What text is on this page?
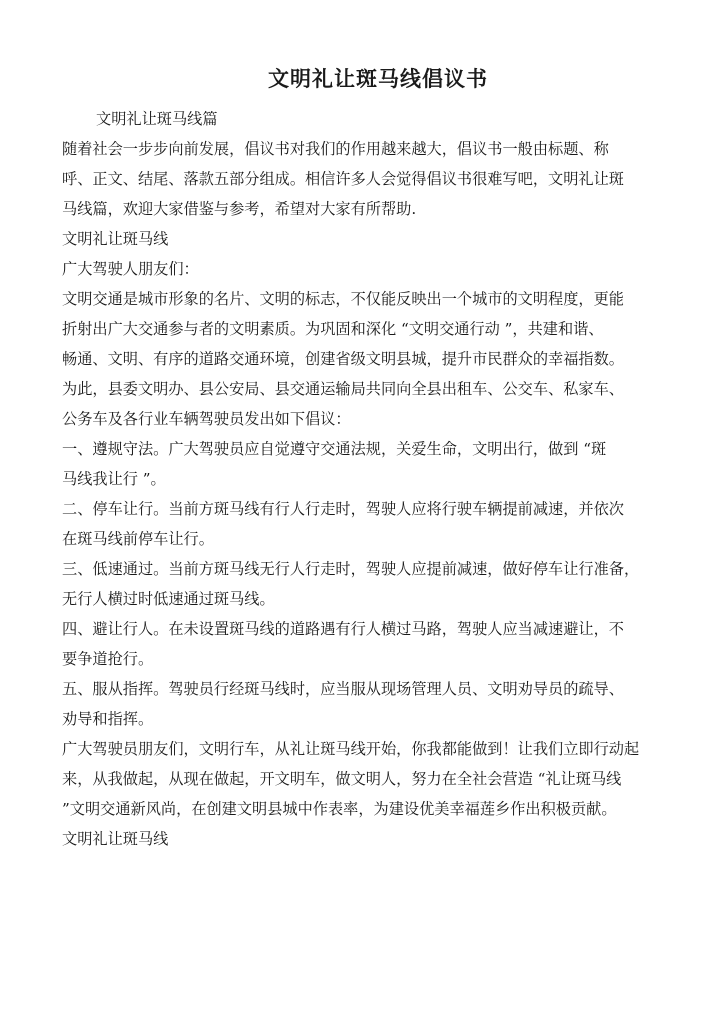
文明礼让斑马线倡议书

文明礼让斑马线篇

随着社会一步步向前发展，倡议书对我们的作用越来越大，倡议书一般由标题、称

呼、正文、结尾、落款五部分组成。相信许多人会觉得倡议书很难写吧，文明礼让斑

马线篇，欢迎大家借鉴与参考，希望对大家有所帮助.

文明礼让斑马线

广大驾驶人朋友们：

文明交通是城市形象的名片、文明的标志，不仅能反映出一个城市的文明程度，更能

折射出广大交通参与者的文明素质。为巩固和深化 “文明交通行动 ”，共建和谐、

畅通、文明、有序的道路交通环境，创建省级文明县城，提升市民群众的幸福指数。

为此，县委文明办、县公安局、县交通运输局共同向全县出租车、公交车、私家车、

公务车及各行业车辆驾驶员发出如下倡议：

一、遵规守法。广大驾驶员应自觉遵守交通法规，关爱生命，文明出行，做到 “斑

马线我让行 ”。

二、停车让行。当前方斑马线有行人行走时，驾驶人应将行驶车辆提前减速，并依次

在斑马线前停车让行。

三、低速通过。当前方斑马线无行人行走时，驾驶人应提前减速，做好停车让行准备，

无行人横过时低速通过斑马线。

四、避让行人。在未设置斑马线的道路遇有行人横过马路，驾驶人应当减速避让，不

要争道抢行。

五、服从指挥。驾驶员行经斑马线时，应当服从现场管理人员、文明劝导员的疏导、

劝导和指挥。

广大驾驶员朋友们，文明行车，从礼让斑马线开始，你我都能做到！让我们立即行动起

来，从我做起，从现在做起，开文明车，做文明人，努力在全社会营造 “礼让斑马线

”文明交通新风尚，在创建文明县城中作表率，为建设优美幸福莲乡作出积极贡献。

文明礼让斑马线
